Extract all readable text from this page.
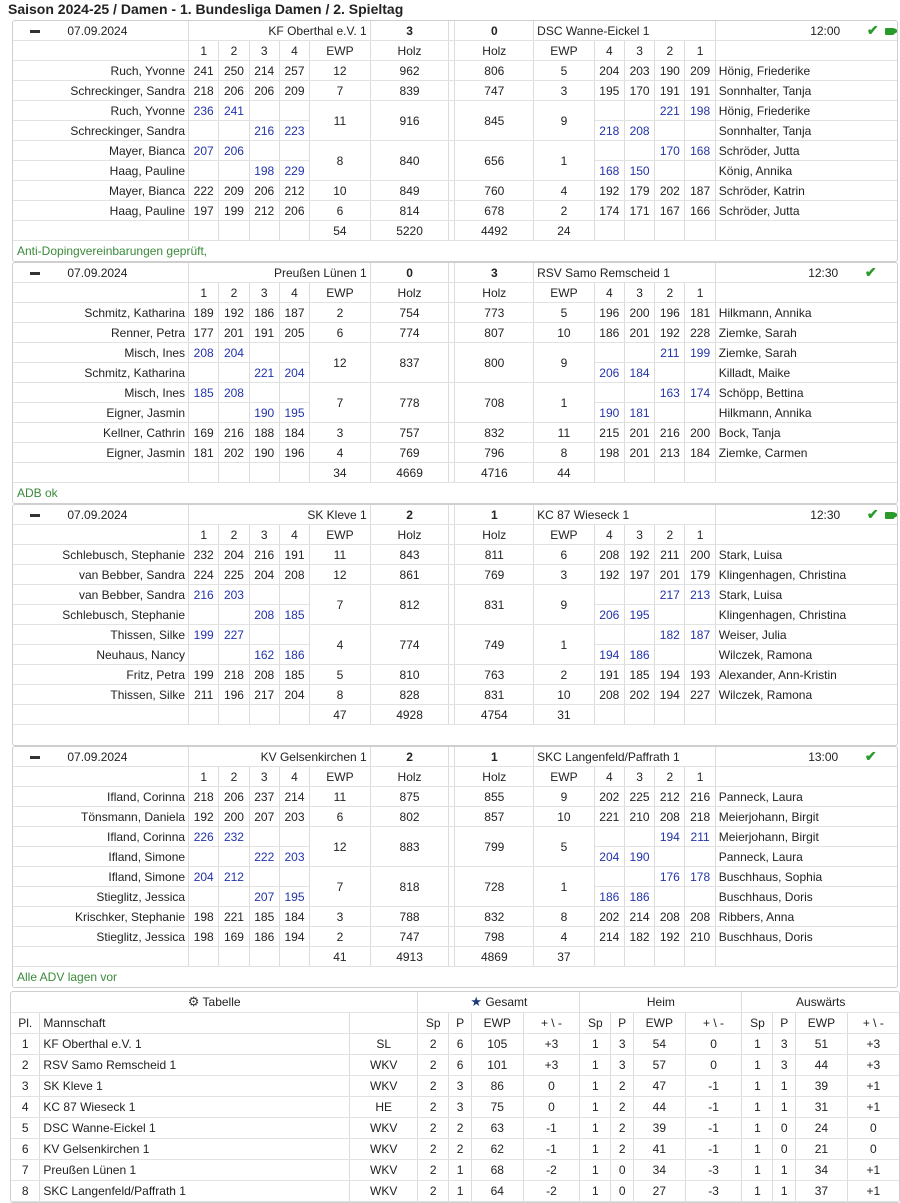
Saison 2024-25 / Damen - 1. Bundesliga Damen / 2. Spieltag
07.09.2024	KF Oberthal e.V. 1					3		0	DSC Wanne-Eickel 1					12:00 ✔
	1	2	3	4	EWP	Holz		Holz	EWP	4	3	2	1	
Ruch, Yvonne	241	250	214	257	12	962		806	5	204	203	190	209	Hönig, Friederike
Schreckinger, Sandra	218	206	206	209	7	839		747	3	195	170	191	191	Sonnhalter, Tanja
Ruch, Yvonne	236	241			11	916		845	9			221	198	Hönig, Friederike
Schreckinger, Sandra			216	223						218	208			Sonnhalter, Tanja
Mayer, Bianca	207	206			8	840		656	1			170	168	Schröder, Jutta
Haag, Pauline			198	229						168	150			König, Annika
Mayer, Bianca	222	209	206	212	10	849		760	4	192	179	202	187	Schröder, Katrin
Haag, Pauline	197	199	212	206	6	814		678	2	174	171	167	166	Schröder, Jutta
					54	5220		4492	24					
Anti-Dopingvereinbarungen geprüft,
07.09.2024	Preußen Lünen 1					0		3	RSV Samo Remscheid 1					12:30 ✔
	1	2	3	4	EWP	Holz		Holz	EWP	4	3	2	1	
Schmitz, Katharina	189	192	186	187	2	754		773	5	196	200	196	181	Hilkmann, Annika
Renner, Petra	177	201	191	205	6	774		807	10	186	201	192	228	Ziemke, Sarah
Misch, Ines	208	204			12	837		800	9			211	199	Ziemke, Sarah
Schmitz, Katharina			221	204						206	184			Killadt, Maike
Misch, Ines	185	208			7	778		708	1			163	174	Schöpp, Bettina
Eigner, Jasmin			190	195						190	181			Hilkmann, Annika
Kellner, Cathrin	169	216	188	184	3	757		832	11	215	201	216	200	Bock, Tanja
Eigner, Jasmin	181	202	190	196	4	769		796	8	198	201	213	184	Ziemke, Carmen
					34	4669		4716	44					
ADB ok
07.09.2024	SK Kleve 1					2		1	KC 87 Wieseck 1					12:30 ✔
	1	2	3	4	EWP	Holz		Holz	EWP	4	3	2	1	
Schlebusch, Stephanie	232	204	216	191	11	843		811	6	208	192	211	200	Stark, Luisa
van Bebber, Sandra	224	225	204	208	12	861		769	3	192	197	201	179	Klingenhagen, Christina
van Bebber, Sandra	216	203			7	812		831	9			217	213	Stark, Luisa
Schlebusch, Stephanie			208	185						206	195			Klingenhagen, Christina
Thissen, Silke	199	227			4	774		749	1			182	187	Weiser, Julia
Neuhaus, Nancy			162	186						194	186			Wilczek, Ramona
Fritz, Petra	199	218	208	185	5	810		763	2	191	185	194	193	Alexander, Ann-Kristin
Thissen, Silke	211	196	217	204	8	828		831	10	208	202	194	227	Wilczek, Ramona
					47	4928		4754	31					
07.09.2024	KV Gelsenkirchen 1					2		1	SKC Langenfeld/Paffrath 1					13:00 ✔
	1	2	3	4	EWP	Holz		Holz	EWP	4	3	2	1	
Ifland, Corinna	218	206	237	214	11	875		855	9	202	225	212	216	Panneck, Laura
Tönsmann, Daniela	192	200	207	203	6	802		857	10	221	210	208	218	Meierjohann, Birgit
Ifland, Corinna	226	232			12	883		799	5			194	211	Meierjohann, Birgit
Ifland, Simone			222	203						204	190			Panneck, Laura
Ifland, Simone	204	212			7	818		728	1			176	178	Buschhaus, Sophia
Stieglitz, Jessica			207	195						186	186			Buschhaus, Doris
Krischker, Stephanie	198	221	185	184	3	788		832	8	202	214	208	208	Ribbers, Anna
Stieglitz, Jessica	198	169	186	194	2	747		798	4	214	182	192	210	Buschhaus, Doris
					41	4913		4869	37					
Alle ADV lagen vor
⚙ Tabelle			★ Gesamt				Heim				Auswärts			
Pl.	Mannschaft		Sp	P	EWP	+ \ -	Sp	P	EWP	+ \ -	Sp	P	EWP	+ \ -
1	KF Oberthal e.V. 1	SL	2	6	105	+3	1	3	54	0	1	3	51	+3
2	RSV Samo Remscheid 1	WKV	2	6	101	+3	1	3	57	0	1	3	44	+3
3	SK Kleve 1	WKV	2	3	86	0	1	2	47	-1	1	1	39	+1
4	KC 87 Wieseck 1	HE	2	3	75	0	1	2	44	-1	1	1	31	+1
5	DSC Wanne-Eickel 1	WKV	2	2	63	-1	1	2	39	-1	1	0	24	0
6	KV Gelsenkirchen 1	WKV	2	2	62	-1	1	2	41	-1	1	0	21	0
7	Preußen Lünen 1	WKV	2	1	68	-2	1	0	34	-3	1	1	34	+1
8	SKC Langenfeld/Paffrath 1	WKV	2	1	64	-2	1	0	27	-3	1	1	37	+1
